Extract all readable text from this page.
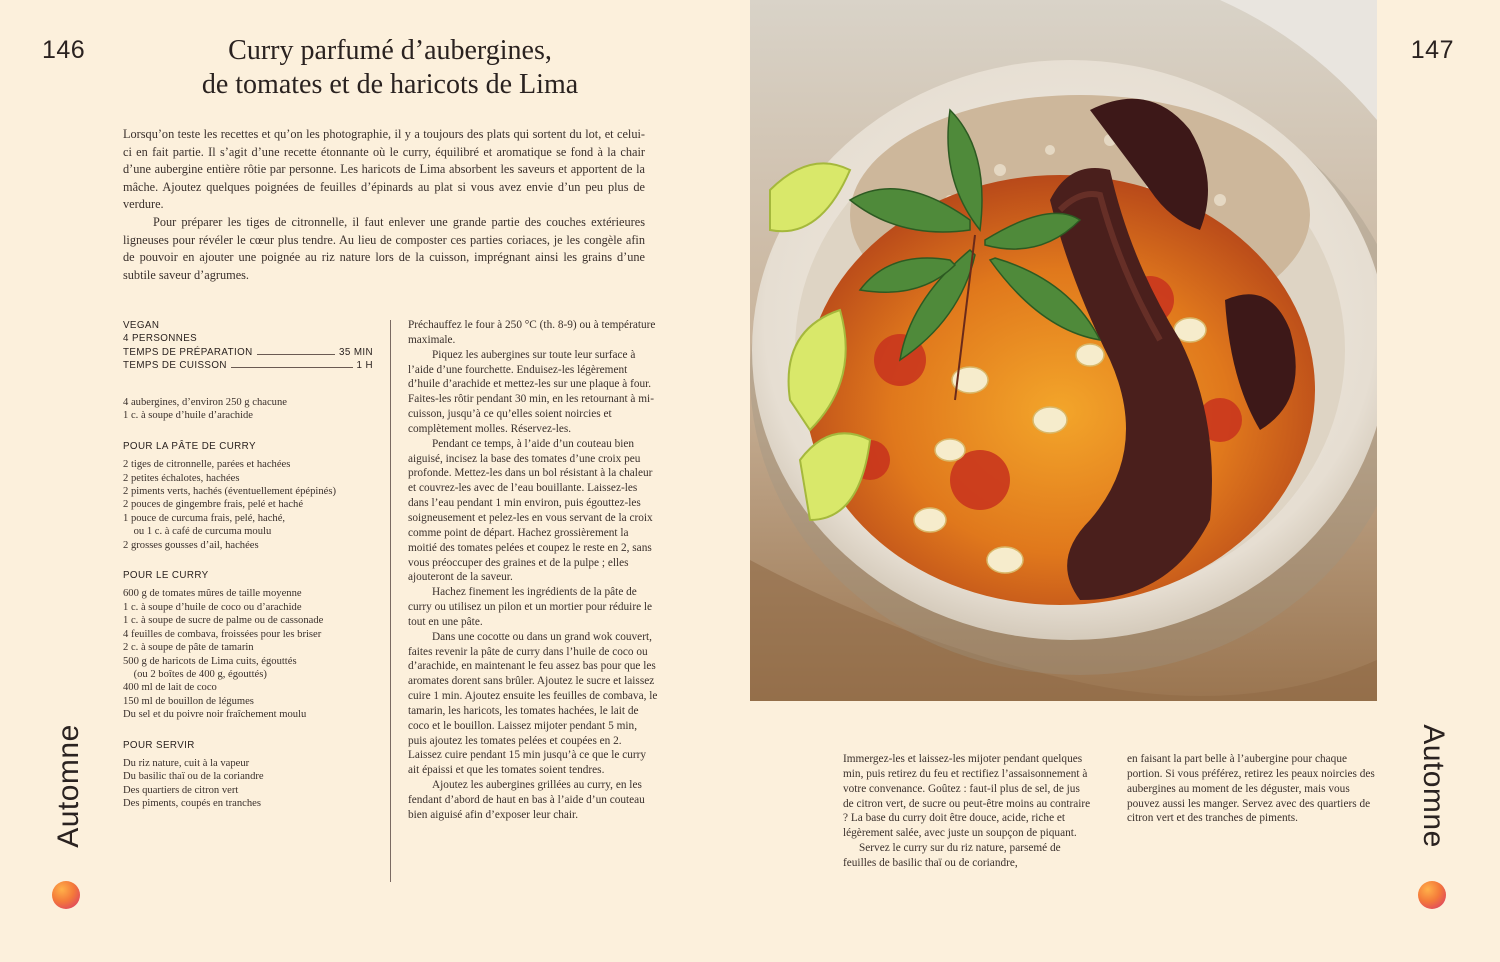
146	Curry parfumé d’aubergines,
de tomates et de haricots de Lima

Lorsqu’on teste les recettes et qu’on les photographie, il y a toujours des plats qui sortent du lot, et celui-ci en fait partie. Il s’agit d’une recette étonnante où le curry, équilibré et aromatique se fond à la chair d’une aubergine entière rôtie par personne. Les haricots de Lima absorbent les saveurs et apportent de la mâche. Ajoutez quelques poignées de feuilles d’épinards au plat si vous avez envie d’un peu plus de verdure.

Pour préparer les tiges de citronnelle, il faut enlever une grande partie des couches extérieures ligneuses pour révéler le cœur plus tendre. Au lieu de composter ces parties coriaces, je les congèle afin de pouvoir en ajouter une poignée au riz nature lors de la cuisson, imprégnant ainsi les grains d’une subtile saveur d’agrumes.

VEGAN
4 PERSONNES
TEMPS DE PRÉPARATION	35 MIN
TEMPS DE CUISSON	1 H
4 aubergines, d’environ 250 g chacune
1 c. à soupe d’huile d’arachide
POUR LA PÂTE DE CURRY
2 tiges de citronnelle, parées et hachées
2 petites échalotes, hachées
2 piments verts, hachés (éventuellement épépinés)
2 pouces de gingembre frais, pelé et haché
1 pouce de curcuma frais, pelé, haché,
ou 1 c. à café de curcuma moulu
2 grosses gousses d’ail, hachées
POUR LE CURRY
600 g de tomates mûres de taille moyenne
1 c. à soupe d’huile de coco ou d’arachide
1 c. à soupe de sucre de palme ou de cassonade
4 feuilles de combava, froissées pour les briser
2 c. à soupe de pâte de tamarin
500 g de haricots de Lima cuits, égouttés
(ou 2 boîtes de 400 g, égouttés)
400 ml de lait de coco
150 ml de bouillon de légumes
Du sel et du poivre noir fraîchement moulu
POUR SERVIR
Du riz nature, cuit à la vapeur
Du basilic thaï ou de la coriandre
Des quartiers de citron vert
Des piments, coupés en tranches

Préchauffez le four à 250 °C (th. 8-9) ou à température maximale.

Piquez les aubergines sur toute leur surface à l’aide d’une fourchette. Enduisez-les légèrement d’huile d’arachide et mettez-les sur une plaque à four. Faites-les rôtir pendant 30 min, en les retournant à mi-cuisson, jusqu’à ce qu’elles soient noircies et complètement molles. Réservez-les.

Pendant ce temps, à l’aide d’un couteau bien aiguisé, incisez la base des tomates d’une croix peu profonde. Mettez-les dans un bol résistant à la chaleur et couvrez-les avec de l’eau bouillante. Laissez-les dans l’eau pendant 1 min environ, puis égouttez-les soigneusement et pelez-les en vous servant de la croix comme point de départ. Hachez grossièrement la moitié des tomates pelées et coupez le reste en 2, sans vous préoccuper des graines et de la pulpe ; elles ajouteront de la saveur.

Hachez finement les ingrédients de la pâte de curry ou utilisez un pilon et un mortier pour réduire le tout en une pâte.

Dans une cocotte ou dans un grand wok couvert, faites revenir la pâte de curry dans l’huile de coco ou d’arachide, en maintenant le feu assez bas pour que les aromates dorent sans brûler. Ajoutez le sucre et laissez cuire 1 min. Ajoutez ensuite les feuilles de combava, le tamarin, les haricots, les tomates hachées, le lait de coco et le bouillon. Laissez mijoter pendant 5 min, puis ajoutez les tomates pelées et coupées en 2. Laissez cuire pendant 15 min jusqu’à ce que le curry ait épaissi et que les tomates soient tendres.

Ajoutez les aubergines grillées au curry, en les fendant d’abord de haut en bas à l’aide d’un couteau bien aiguisé afin d’exposer leur chair.

Automne
147

Immergez-les et laissez-les mijoter pendant quelques min, puis retirez du feu et rectifiez l’assaisonnement à votre convenance. Goûtez : faut-il plus de sel, de jus de citron vert, de sucre ou peut-être moins au contraire ? La base du curry doit être douce, acide, riche et légèrement salée, avec juste un soupçon de piquant.

Servez le curry sur du riz nature, parsemé de feuilles de basilic thaï ou de coriandre,

en faisant la part belle à l’aubergine pour chaque portion. Si vous préférez, retirez les peaux noircies des aubergines au moment de les déguster, mais vous pouvez aussi les manger. Servez avec des quartiers de citron vert et des tranches de piments.	Automne
